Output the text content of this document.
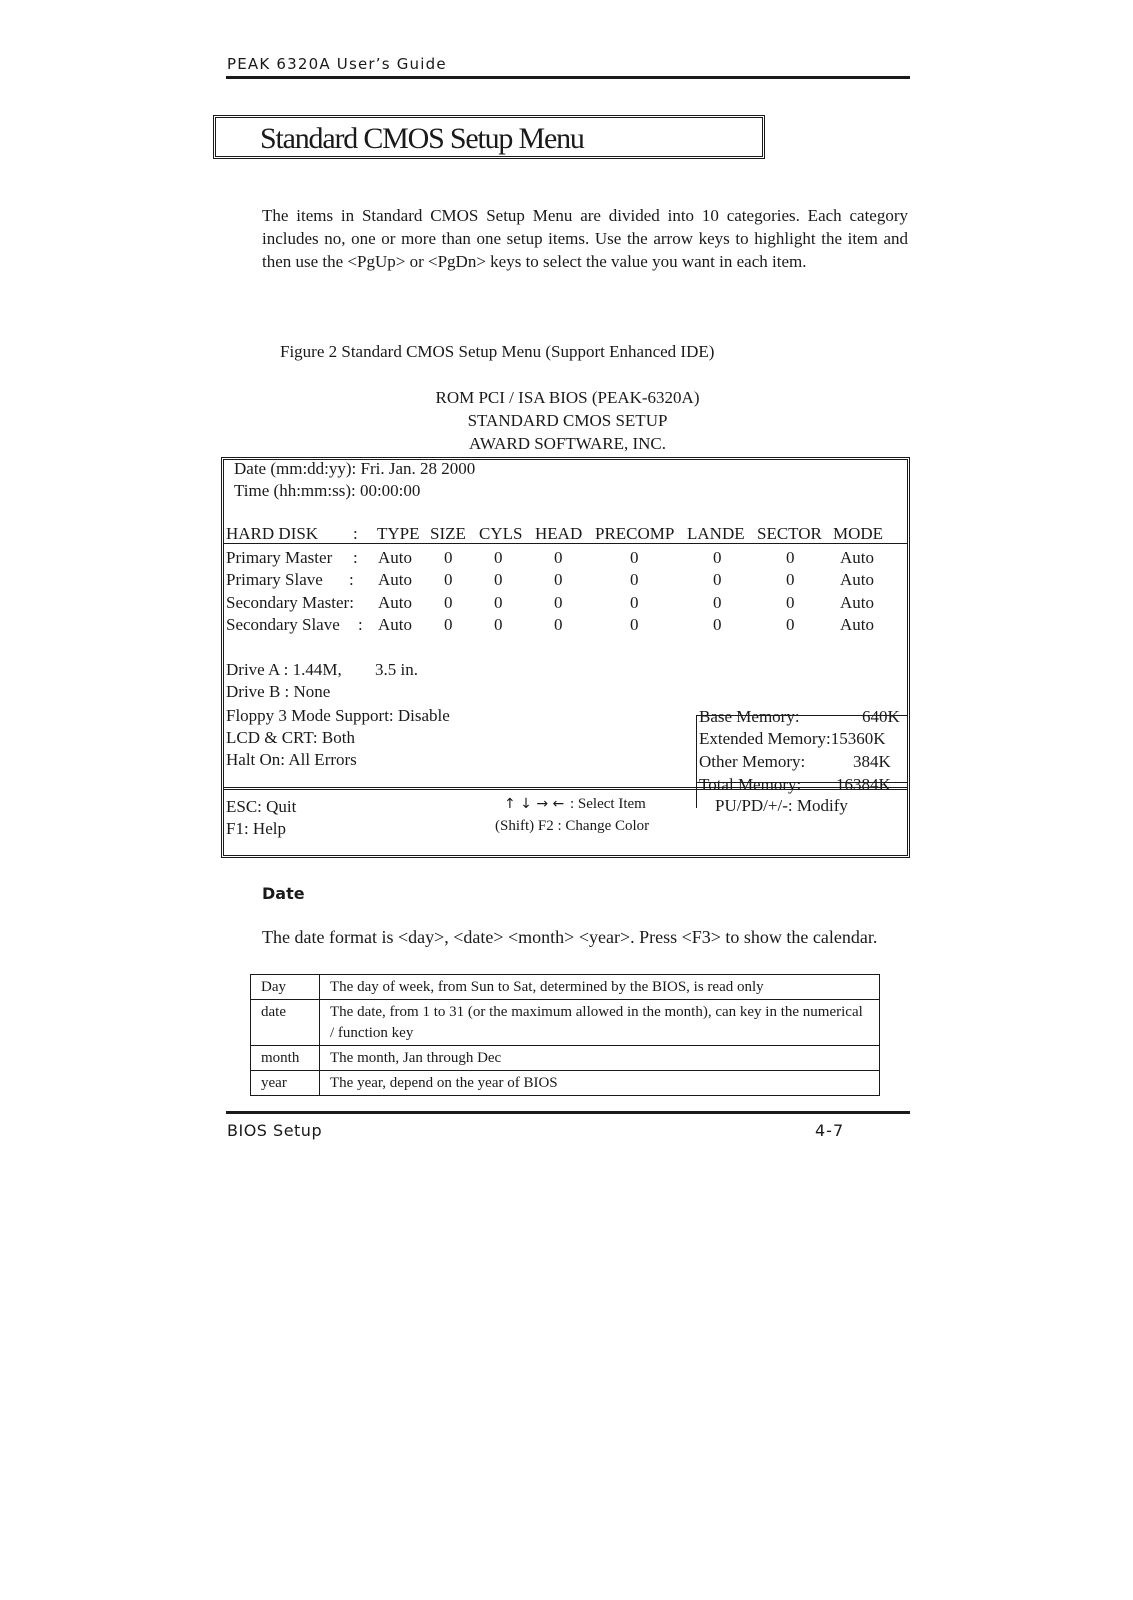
PEAK 6320A User’s Guide
Standard CMOS Setup Menu
The items in Standard CMOS Setup Menu are divided into 10 categories. Each category includes no, one or more than one setup items. Use the arrow keys to highlight the item and then use the <PgUp> or <PgDn> keys to select the value you want in each item.
Figure 2 Standard CMOS Setup Menu (Support Enhanced IDE)
ROM PCI / ISA BIOS (PEAK-6320A)
STANDARD CMOS SETUP
AWARD SOFTWARE, INC.
Date (mm:dd:yy): Fri. Jan. 28 2000
Time (hh:mm:ss): 00:00:00
HARD DISK : TYPE SIZE CYLS HEAD PRECOMP LANDE SECTOR MODE
Primary Master : Auto 0 0	0	0	0	0	Auto
Primary Slave : Auto 0 0	0	0	0	0	Auto
Secondary Master: Auto 0 0	0	0	0	0	Auto
Secondary Slave : Auto 0 0	0	0	0	0	Auto
Drive A : 1.44M, 3.5 in.
Drive B : None
Floppy 3 Mode Support: Disable
LCD & CRT: Both
Halt On: All Errors
Base Memory:	640K
Extended Memory:15360K
Other Memory:	384K
Total Memory: 16384K
ESC: Quit
F1: Help
↑ ↓ → ← : Select Item
(Shift) F2 : Change Color
PU/PD/+/-: Modify
Date
The date format is <day>, <date> <month> <year>. Press <F3> to show the calendar.
Day	The day of week, from Sun to Sat, determined by the BIOS, is read only
date	The date, from 1 to 31 (or the maximum allowed in the month), can key in the numerical / function key
month	The month, Jan through Dec
year	The year, depend on the year of BIOS
BIOS Setup	4-7
